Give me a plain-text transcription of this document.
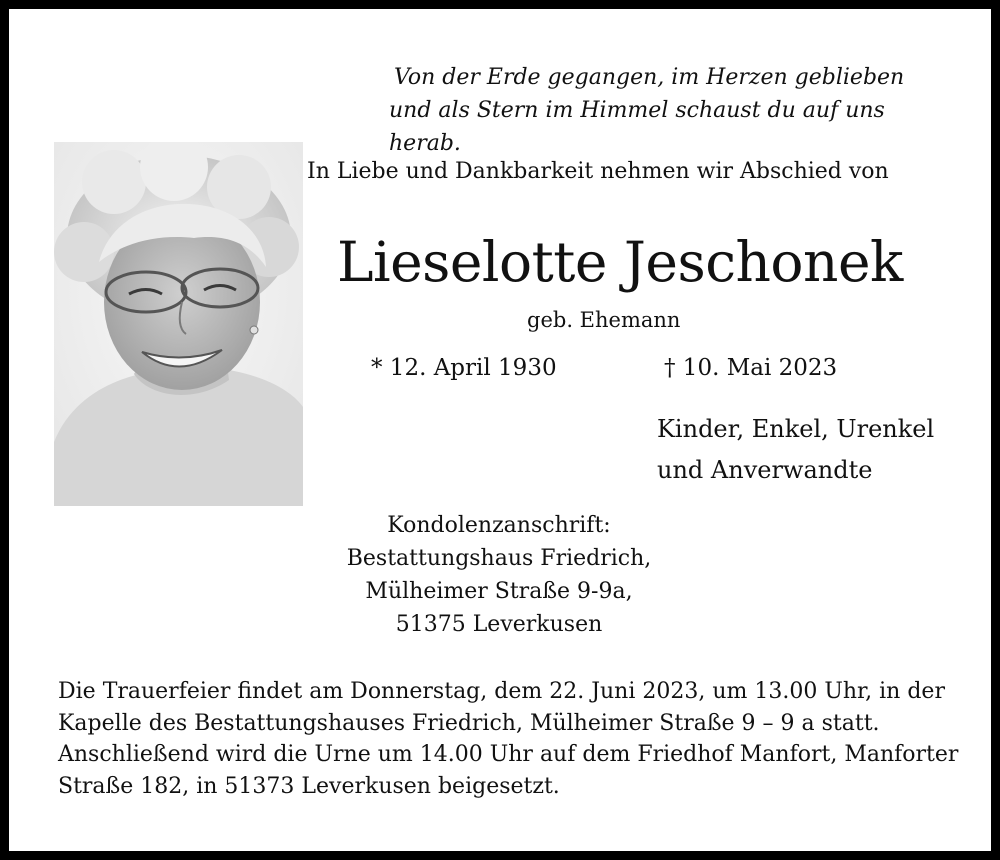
Von der Erde gegangen, im Herzen geblieben
und als Stern im Himmel schaust du auf uns herab.
In Liebe und Dankbarkeit nehmen wir Abschied von
Lieselotte Jeschonek
geb. Ehemann
* 12. April 1930	† 10. Mai 2023
Kinder, Enkel, Urenkel
und Anverwandte
Kondolenzanschrift:
Bestattungshaus Friedrich,
Mülheimer Straße 9-9a,
51375 Leverkusen
Die Trauerfeier findet am Donnerstag, dem 22. Juni 2023, um 13.00 Uhr, in der
Kapelle des Bestattungshauses Friedrich, Mülheimer Straße 9 – 9 a statt.
Anschließend wird die Urne um 14.00 Uhr auf dem Friedhof Manfort, Manforter
Straße 182, in 51373 Leverkusen beigesetzt.
